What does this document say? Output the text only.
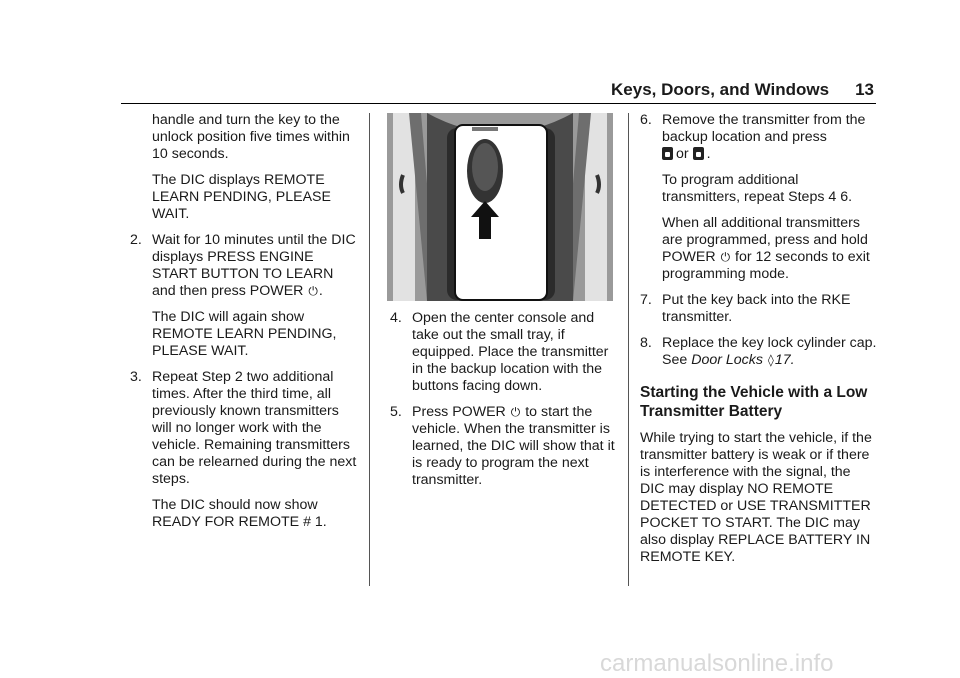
Keys, Doors, and Windows 13

handle and turn the key to the unlock position five times within 10 seconds.

The DIC displays REMOTE LEARN PENDING, PLEASE WAIT.

2. Wait for 10 minutes until the DIC displays PRESS ENGINE START BUTTON TO LEARN and then press POWER ⏻.

The DIC will again show REMOTE LEARN PENDING, PLEASE WAIT.

3. Repeat Step 2 two additional times. After the third time, all previously known transmitters will no longer work with the vehicle. Remaining transmitters can be relearned during the next steps.

The DIC should now show READY FOR REMOTE # 1.

4. Open the center console and take out the small tray, if equipped. Place the transmitter in the backup location with the buttons facing down.
5. Press POWER ⏻ to start the vehicle. When the transmitter is learned, the DIC will show that it is ready to program the next transmitter.
6. Remove the transmitter from the backup location and press
or .

To program additional transmitters, repeat Steps 4 6.

When all additional transmitters are programmed, press and hold POWER ⏻ for 12 seconds to exit programming mode.

7. Put the key back into the RKE transmitter.
8. Replace the key lock cylinder cap. See Door Locks ◊17.
Starting the Vehicle with a Low Transmitter Battery

While trying to start the vehicle, if the transmitter battery is weak or if there is interference with the signal, the DIC may display NO REMOTE DETECTED or USE TRANSMITTER POCKET TO START. The DIC may also display REPLACE BATTERY IN REMOTE KEY.

carmanualsonline.info
